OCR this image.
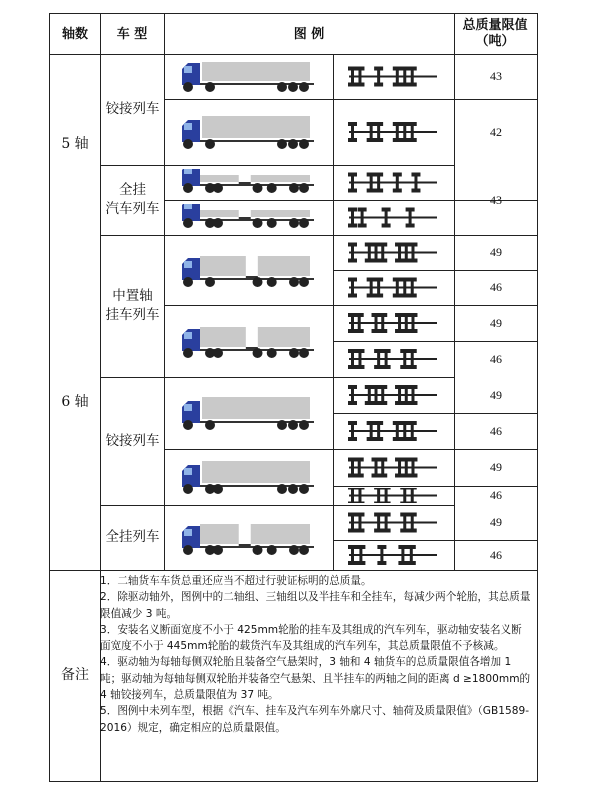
轴数	车 型	图 例
总质量限值
（吨）
5 轴
铰接列车
43
42
全挂
汽车列车
43
6 轴
中置轴
挂车列车
49
46
49
46
铰接列车
49
46
49
46
全挂列车
49
46
备注

1．二轴货车车货总重还应当不超过行驶证标明的总质量。

2．除驱动轴外，图例中的二轴组、三轴组以及半挂车和全挂车，每减少两个轮胎，其总质量限值减少 3 吨。

3．安装名义断面宽度不小于 425mm轮胎的挂车及其组成的汽车列车，驱动轴安装名义断面宽度不小于 445mm轮胎的载货汽车及其组成的汽车列车，其总质量限值不予核减。

4．驱动轴为每轴每侧双轮胎且装备空气悬架时，3 轴和 4 轴货车的总质量限值各增加 1 吨；驱动轴为每轴每侧双轮胎并装备空气悬架、且半挂车的两轴之间的距离 d ≥1800mm的 4 轴铰接列车，总质量限值为 37 吨。

5．图例中未列车型，根据《汽车、挂车及汽车列车外廓尺寸、轴荷及质量限值》（GB1589-2016）规定，确定相应的总质量限值。
